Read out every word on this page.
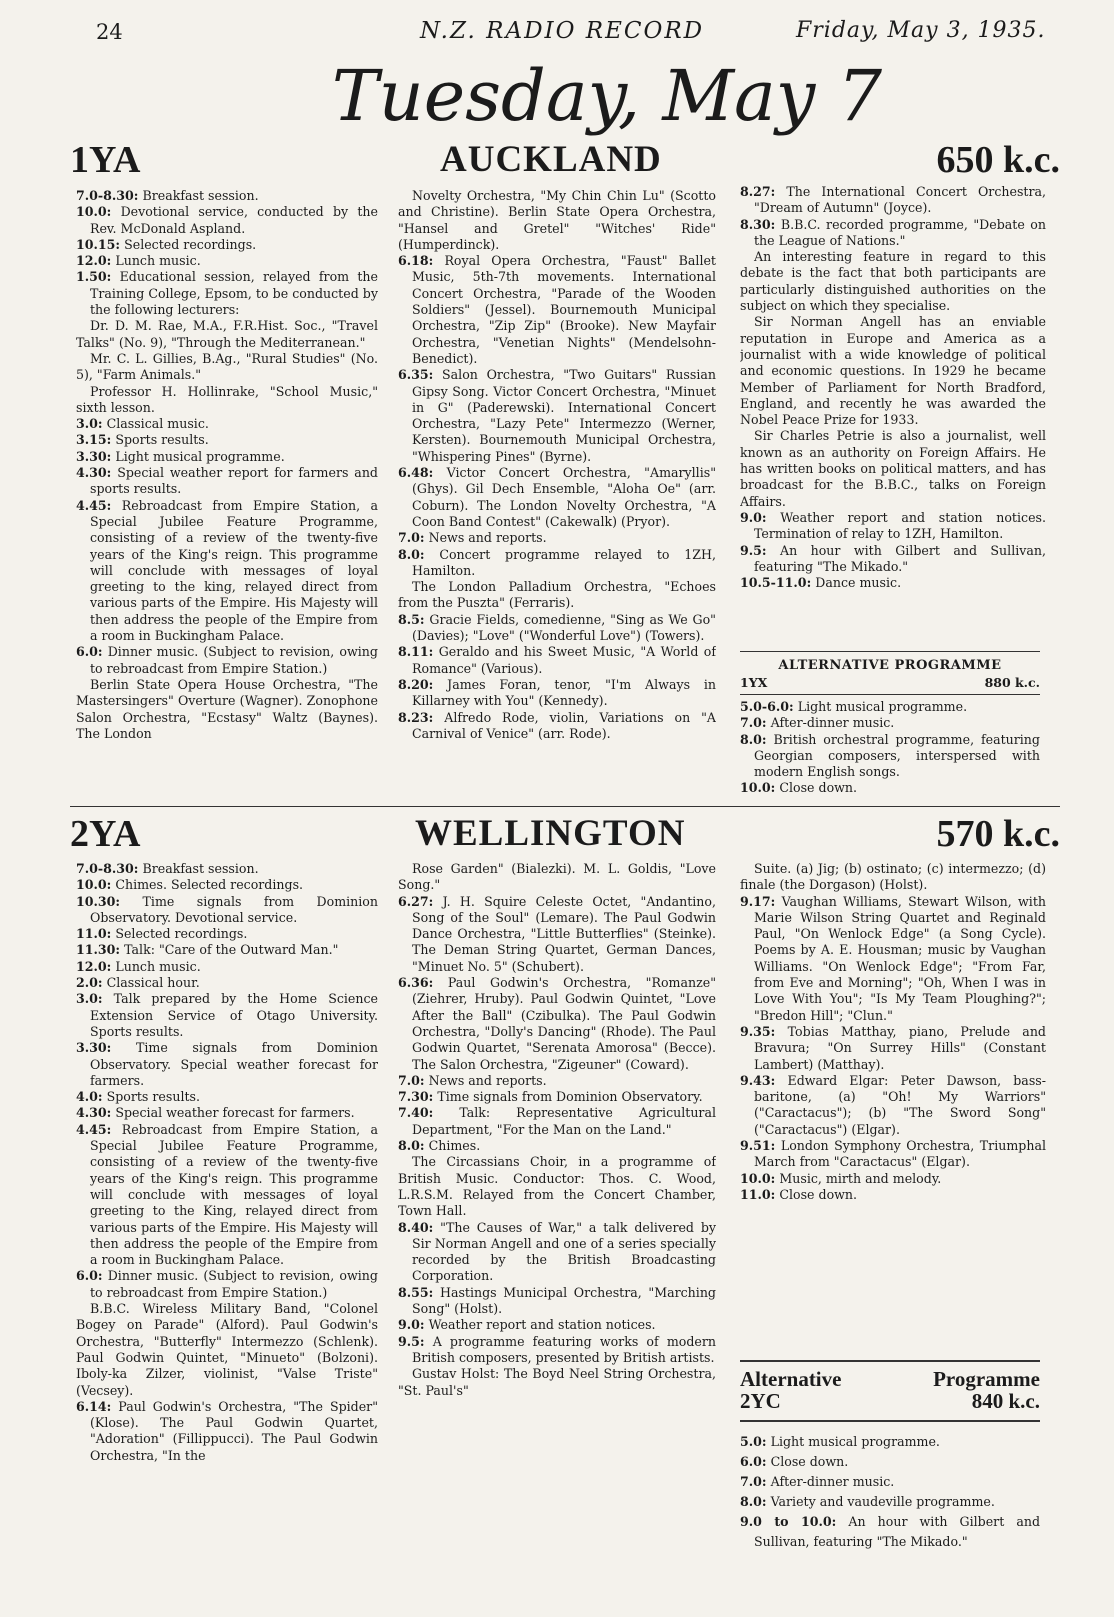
24	N.Z. RADIO RECORD	Friday, May 3, 1935.
Tuesday, May 7
1YA	AUCKLAND	650 k.c.

7.0-8.30: Breakfast session.

10.0: Devotional service, conducted by the Rev. McDonald Aspland.

10.15: Selected recordings.

12.0: Lunch music.

1.50: Educational session, relayed from the Training College, Epsom, to be conducted by the following lecturers:

Dr. D. M. Rae, M.A., F.R.Hist. Soc., "Travel Talks" (No. 9), "Through the Mediterranean."

Mr. C. L. Gillies, B.Ag., "Rural Studies" (No. 5), "Farm Animals."

Professor H. Hollinrake, "School Music," sixth lesson.

3.0: Classical music.

3.15: Sports results.

3.30: Light musical programme.

4.30: Special weather report for farmers and sports results.

4.45: Rebroadcast from Empire Station, a Special Jubilee Feature Programme, consisting of a review of the twenty-five years of the King's reign. This programme will conclude with messages of loyal greeting to the king, relayed direct from various parts of the Empire. His Majesty will then address the people of the Empire from a room in Buckingham Palace.

6.0: Dinner music. (Subject to revision, owing to rebroadcast from Empire Station.)

Berlin State Opera House Orchestra, "The Mastersingers" Overture (Wagner). Zonophone Salon Orchestra, "Ecstasy" Waltz (Baynes). The London

Novelty Orchestra, "My Chin Chin Lu" (Scotto and Christine). Berlin State Opera Orchestra, "Hansel and Gretel" "Witches' Ride" (Humperdinck).

6.18: Royal Opera Orchestra, "Faust" Ballet Music, 5th-7th movements. International Concert Orchestra, "Parade of the Wooden Soldiers" (Jessel). Bournemouth Municipal Orchestra, "Zip Zip" (Brooke). New Mayfair Orchestra, "Venetian Nights" (Mendelsohn-Benedict).

6.35: Salon Orchestra, "Two Guitars" Russian Gipsy Song. Victor Concert Orchestra, "Minuet in G" (Paderewski). International Concert Orchestra, "Lazy Pete" Intermezzo (Werner, Kersten). Bournemouth Municipal Orchestra, "Whispering Pines" (Byrne).

6.48: Victor Concert Orchestra, "Amaryllis" (Ghys). Gil Dech Ensemble, "Aloha Oe" (arr. Coburn). The London Novelty Orchestra, "A Coon Band Contest" (Cakewalk) (Pryor).

7.0: News and reports.

8.0: Concert programme relayed to 1ZH, Hamilton.

The London Palladium Orchestra, "Echoes from the Puszta" (Ferraris).

8.5: Gracie Fields, comedienne, "Sing as We Go" (Davies); "Love" ("Wonderful Love") (Towers).

8.11: Geraldo and his Sweet Music, "A World of Romance" (Various).

8.20: James Foran, tenor, "I'm Always in Killarney with You" (Kennedy).

8.23: Alfredo Rode, violin, Variations on "A Carnival of Venice" (arr. Rode).

8.27: The International Concert Orchestra, "Dream of Autumn" (Joyce).

8.30: B.B.C. recorded programme, "Debate on the League of Nations."

An interesting feature in regard to this debate is the fact that both participants are particularly distinguished authorities on the subject on which they specialise.

Sir Norman Angell has an enviable reputation in Europe and America as a journalist with a wide knowledge of political and economic questions. In 1929 he became Member of Parliament for North Bradford, England, and recently he was awarded the Nobel Peace Prize for 1933.

Sir Charles Petrie is also a journalist, well known as an authority on Foreign Affairs. He has written books on political matters, and has broadcast for the B.B.C., talks on Foreign Affairs.

9.0: Weather report and station notices. Termination of relay to 1ZH, Hamilton.

9.5: An hour with Gilbert and Sullivan, featuring "The Mikado."

10.5-11.0: Dance music.

ALTERNATIVE PROGRAMME
1YX	880 k.c.

5.0-6.0: Light musical programme.

7.0: After-dinner music.

8.0: British orchestral programme, featuring Georgian composers, interspersed with modern English songs.

10.0: Close down.

2YA	WELLINGTON	570 k.c.

7.0-8.30: Breakfast session.

10.0: Chimes. Selected recordings.

10.30: Time signals from Dominion Observatory. Devotional service.

11.0: Selected recordings.

11.30: Talk: "Care of the Outward Man."

12.0: Lunch music.

2.0: Classical hour.

3.0: Talk prepared by the Home Science Extension Service of Otago University. Sports results.

3.30: Time signals from Dominion Observatory. Special weather forecast for farmers.

4.0: Sports results.

4.30: Special weather forecast for farmers.

4.45: Rebroadcast from Empire Station, a Special Jubilee Feature Programme, consisting of a review of the twenty-five years of the King's reign. This programme will conclude with messages of loyal greeting to the King, relayed direct from various parts of the Empire. His Majesty will then address the people of the Empire from a room in Buckingham Palace.

6.0: Dinner music. (Subject to revision, owing to rebroadcast from Empire Station.)

B.B.C. Wireless Military Band, "Colonel Bogey on Parade" (Alford). Paul Godwin's Orchestra, "Butterfly" Intermezzo (Schlenk). Paul Godwin Quintet, "Minueto" (Bolzoni). Iboly-ka Zilzer, violinist, "Valse Triste" (Vecsey).

6.14: Paul Godwin's Orchestra, "The Spider" (Klose). The Paul Godwin Quartet, "Adoration" (Fillippucci). The Paul Godwin Orchestra, "In the

Rose Garden" (Bialezki). M. L. Goldis, "Love Song."

6.27: J. H. Squire Celeste Octet, "Andantino, Song of the Soul" (Lemare). The Paul Godwin Dance Orchestra, "Little Butterflies" (Steinke). The Deman String Quartet, German Dances, "Minuet No. 5" (Schubert).

6.36: Paul Godwin's Orchestra, "Romanze" (Ziehrer, Hruby). Paul Godwin Quintet, "Love After the Ball" (Czibulka). The Paul Godwin Orchestra, "Dolly's Dancing" (Rhode). The Paul Godwin Quartet, "Serenata Amorosa" (Becce). The Salon Orchestra, "Zigeuner" (Coward).

7.0: News and reports.

7.30: Time signals from Dominion Observatory.

7.40: Talk: Representative Agricultural Department, "For the Man on the Land."

8.0: Chimes.

The Circassians Choir, in a programme of British Music. Conductor: Thos. C. Wood, L.R.S.M. Relayed from the Concert Chamber, Town Hall.

8.40: "The Causes of War," a talk delivered by Sir Norman Angell and one of a series specially recorded by the British Broadcasting Corporation.

8.55: Hastings Municipal Orchestra, "Marching Song" (Holst).

9.0: Weather report and station notices.

9.5: A programme featuring works of modern British composers, presented by British artists.

Gustav Holst: The Boyd Neel String Orchestra, "St. Paul's"

Suite. (a) Jig; (b) ostinato; (c) intermezzo; (d) finale (the Dorgason) (Holst).

9.17: Vaughan Williams, Stewart Wilson, with Marie Wilson String Quartet and Reginald Paul, "On Wenlock Edge" (a Song Cycle). Poems by A. E. Housman; music by Vaughan Williams. "On Wenlock Edge"; "From Far, from Eve and Morning"; "Oh, When I was in Love With You"; "Is My Team Ploughing?"; "Bredon Hill"; "Clun."

9.35: Tobias Matthay, piano, Prelude and Bravura; "On Surrey Hills" (Constant Lambert) (Matthay).

9.43: Edward Elgar: Peter Dawson, bass-baritone, (a) "Oh! My Warriors" ("Caractacus"); (b) "The Sword Song" ("Caractacus") (Elgar).

9.51: London Symphony Orchestra, Triumphal March from "Caractacus" (Elgar).

10.0: Music, mirth and melody.

11.0: Close down.

Alternative
2YC
Programme
840 k.c.

5.0: Light musical programme.

6.0: Close down.

7.0: After-dinner music.

8.0: Variety and vaudeville programme.

9.0 to 10.0: An hour with Gilbert and Sullivan, featuring "The Mikado."
